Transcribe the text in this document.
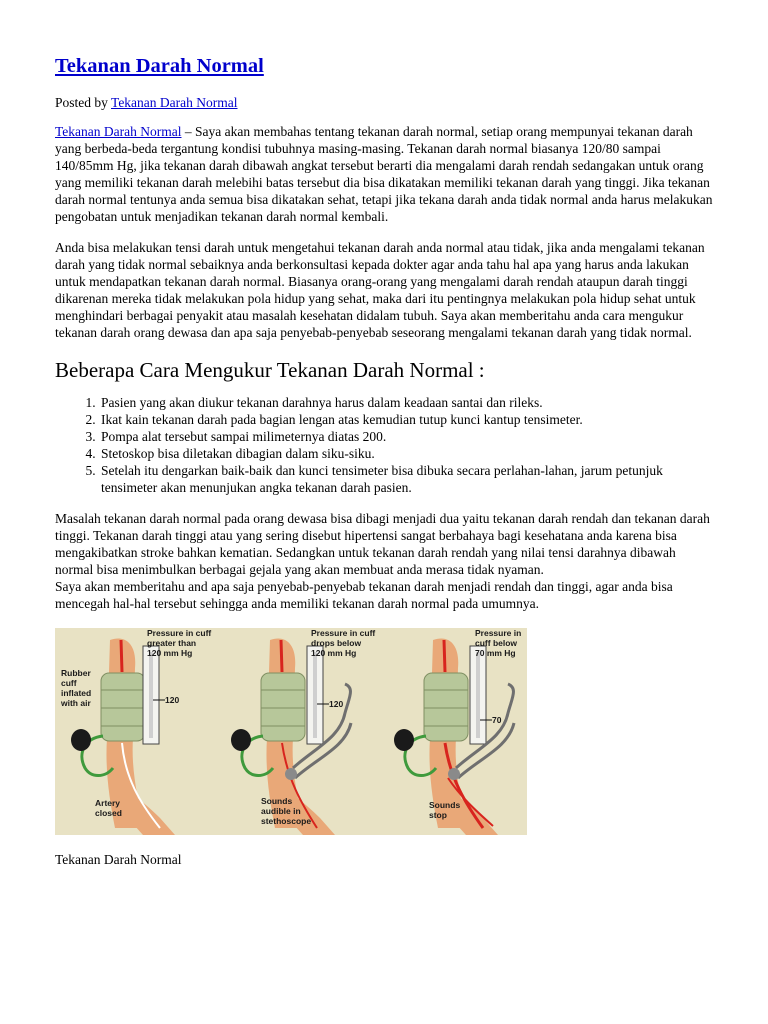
Tekanan Darah Normal
Posted by Tekanan Darah Normal

Tekanan Darah Normal – Saya akan membahas tentang tekanan darah normal, setiap orang mempunyai tekanan darah yang berbeda-beda tergantung kondisi tubuhnya masing-masing. Tekanan darah normal biasanya 120/80 sampai 140/85mm Hg, jika tekanan darah dibawah angkat tersebut berarti dia mengalami darah rendah sedangakan untuk orang yang memiliki tekanan darah melebihi batas tersebut dia bisa dikatakan memiliki tekanan darah yang tinggi. Jika tekanan darah normal tentunya anda semua bisa dikatakan sehat, tetapi jika tekana darah anda tidak normal anda harus melakukan pengobatan untuk menjadikan tekanan darah normal kembali.

Anda bisa melakukan tensi darah untuk mengetahui tekanan darah anda normal atau tidak, jika anda mengalami tekanan darah yang tidak normal sebaiknya anda berkonsultasi kepada dokter agar anda tahu hal apa yang harus anda lakukan untuk mendapatkan tekanan darah normal. Biasanya orang-orang yang mengalami darah rendah ataupun darah tinggi dikarenan mereka tidak melakukan pola hidup yang sehat, maka dari itu pentingnya melakukan pola hidup sehat untuk menghindari berbagai penyakit atau masalah kesehatan didalam tubuh. Saya akan memberitahu anda cara mengukur tekanan darah orang dewasa dan apa saja penyebab-penyebab seseorang mengalami tekanan darah yang tidak normal.

Beberapa Cara Mengukur Tekanan Darah Normal :
1. Pasien yang akan diukur tekanan darahnya harus dalam keadaan santai dan rileks.
2. Ikat kain tekanan darah pada bagian lengan atas kemudian tutup kunci kantup tensimeter.
3. Pompa alat tersebut sampai milimeternya diatas 200.
4. Stetoskop bisa diletakan dibagian dalam siku-siku.
5. Setelah itu dengarkan baik-baik dan kunci tensimeter bisa dibuka secara perlahan-lahan, jarum petunjuk tensimeter akan menunjukan angka tekanan darah pasien.

Masalah tekanan darah normal pada orang dewasa bisa dibagi menjadi dua yaitu tekanan darah rendah dan tekanan darah tinggi. Tekanan darah tinggi atau yang sering disebut hipertensi sangat berbahaya bagi kesehatana anda karena bisa mengakibatkan stroke bahkan kematian. Sedangkan untuk tekanan darah rendah yang nilai tensi darahnya dibawah normal bisa menimbulkan berbagai gejala yang akan membuat anda merasa tidak nyaman.

Saya akan memberitahu and apa saja penyebab-penyebab tekanan darah menjadi rendah dan tinggi, agar anda bisa mencegah hal-hal tersebut sehingga anda memiliki tekanan darah normal pada umumnya.

Pressure in cuff
greater than
120 mm Hg
Rubber
cuff
inflated
with air	120
Artery
closed
Pressure in cuff
drops below
120 mm Hg
120
Sounds
audible in
stethoscope
Pressure in
cuff below
70 mm Hg
70
Sounds
stop
Tekanan Darah Normal
